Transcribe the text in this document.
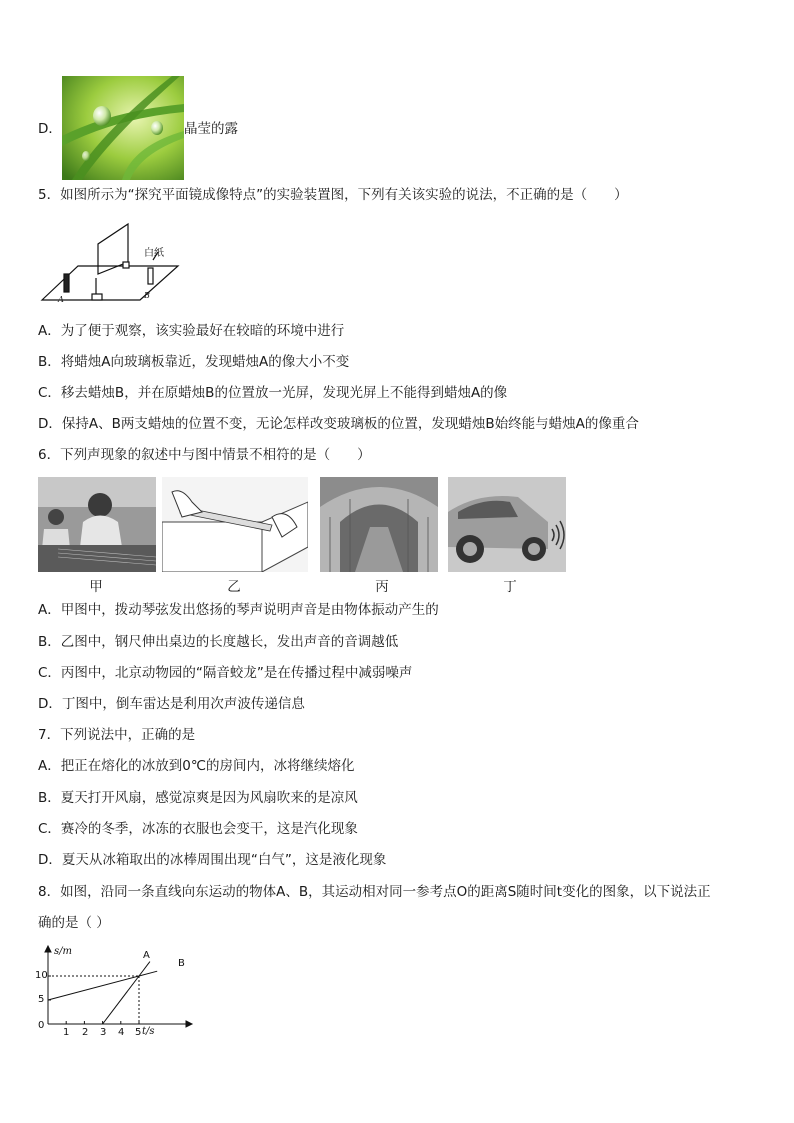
D．	晶莹的露
5．如图所示为“探究平面镜成像特点”的实验装置图，下列有关该实验的说法，不正确的是（　　）
白纸
A	B
A．为了便于观察，该实验最好在较暗的环境中进行
B．将蜡烛A向玻璃板靠近，发现蜡烛A的像大小不变
C．移去蜡烛B，并在原蜡烛B的位置放一光屏，发现光屏上不能得到蜡烛A的像
D．保持A、B两支蜡烛的位置不变，无论怎样改变玻璃板的位置，发现蜡烛B始终能与蜡烛A的像重合
6．下列声现象的叙述中与图中情景不相符的是（　　）
甲	乙	丙	丁
A．甲图中，拨动琴弦发出悠扬的琴声说明声音是由物体振动产生的
B．乙图中，钢尺伸出桌边的长度越长，发出声音的音调越低
C．丙图中，北京动物园的“隔音蛟龙”是在传播过程中减弱噪声
D．丁图中，倒车雷达是利用次声波传递信息
7．下列说法中，正确的是
A．把正在熔化的冰放到0℃的房间内，冰将继续熔化
B．夏天打开风扇，感觉凉爽是因为风扇吹来的是凉风
C．赛冷的冬季，冰冻的衣服也会变干，这是汽化现象
D．夏天从冰箱取出的冰棒周围出现“白气”，这是液化现象
8．如图，沿同一条直线向东运动的物体A、B，其运动相对同一参考点O的距离S随时间t变化的图象，以下说法正
确的是（ ）
s/m
t/s
0
5
10
1 2 3 4 5
A
B
